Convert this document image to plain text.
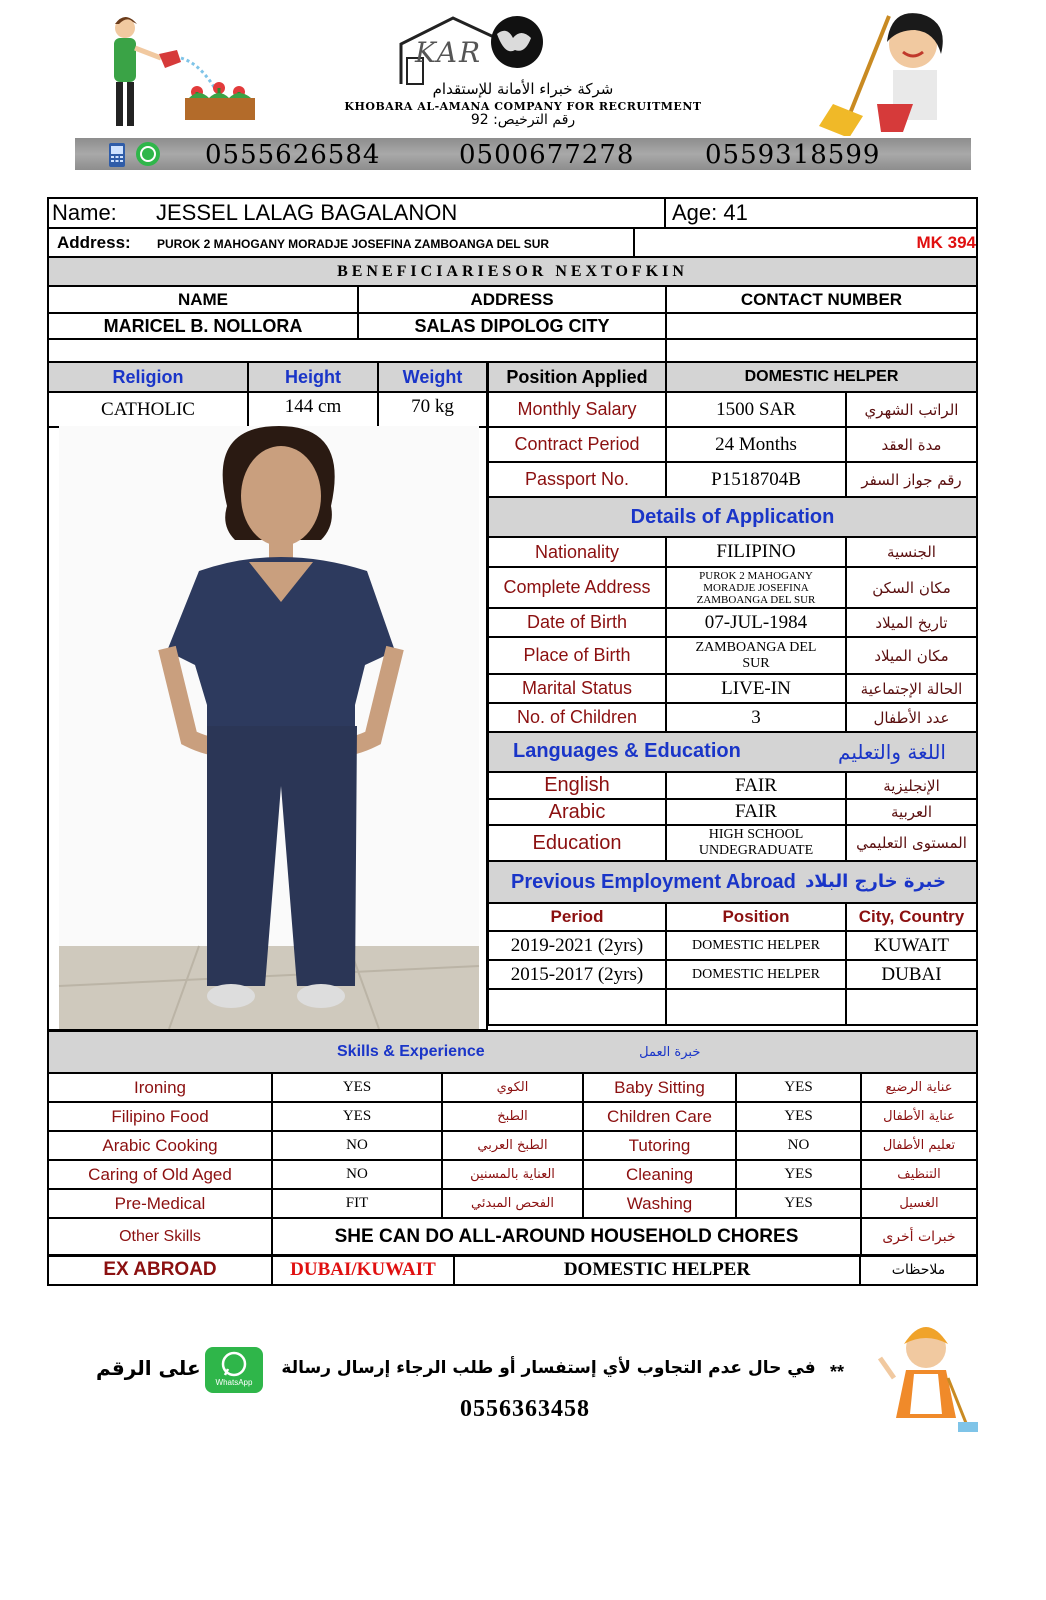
KAR
شركة خبراء الأمانة للإستقدام
KHOBARA AL-AMANA COMPANY FOR RECRUITMENT
رقم الترخيص: 92
0555626584	0500677278	0559318599
Name: JESSEL LALAG BAGALANON	Age: 41
Address: PUROK 2 MAHOGANY MORADJE JOSEFINA ZAMBOANGA DEL SUR	MK 394
BENEFICIARIESOR NEXTOFKIN		
NAME	ADDRESS	CONTACT NUMBER
MARICEL B. NOLLORA	SALAS DIPOLOG CITY	

Religion	Height	Weight
CATHOLIC	144 cm	70 kg
Position Applied	DOMESTIC HELPER	
Monthly Salary	1500 SAR	الراتب الشهري
Contract Period	24 Months	مدة العقد
Passport No.	P1518704B	رقم جواز السفر
Details of Application		
Nationality	FILIPINO	الجنسية
Complete Address	PUROK 2 MAHOGANY MORADJE JOSEFINA ZAMBOANGA DEL SUR	مكان السكن
Date of Birth	07-JUL-1984	تاريخ الميلاد
Place of Birth	ZAMBOANGA DEL SUR	مكان الميلاد
Marital Status	LIVE-IN	الحالة الإجتماعية
No. of Children	3	عدد الأطفال
Languages & Education اللغة والتعليم		

English	FAIR	الإنجليزية
Arabic	FAIR	العربية
Education	HIGH SCHOOL UNDEGRADUATE	المستوى التعليمي
Previous Employment Abroad خبرة خارج البلاد		

Period	Position	City, Country
2019-2021 (2yrs)	DOMESTIC HELPER	KUWAIT
2015-2017 (2yrs)	DOMESTIC HELPER	DUBAI

Skills & Experience خبرة العمل					
Ironing	YES	الكوي	Baby Sitting	YES	عناية الرضيع
Filipino Food	YES	الطبخ	Children Care	YES	عناية الأطفال
Arabic Cooking	NO	الطبخ العربي	Tutoring	NO	تعليم الأطفال
Caring of Old Aged	NO	العناية بالمسنين	Cleaning	YES	التنظيف
Pre-Medical	FIT	الفحص المبدئي	Washing	YES	الغسيل
Other Skills	SHE CAN DO ALL-AROUND HOUSEHOLD CHORES				خبرات أخرى
EX ABROAD	DUBAI/KUWAIT	DOMESTIC HELPER	ملاحظات
على الرقم
WhatsApp
في حال عدم التجاوب لأي إستفسار أو طلب الرجاء إرسال رسالة **
0556363458
